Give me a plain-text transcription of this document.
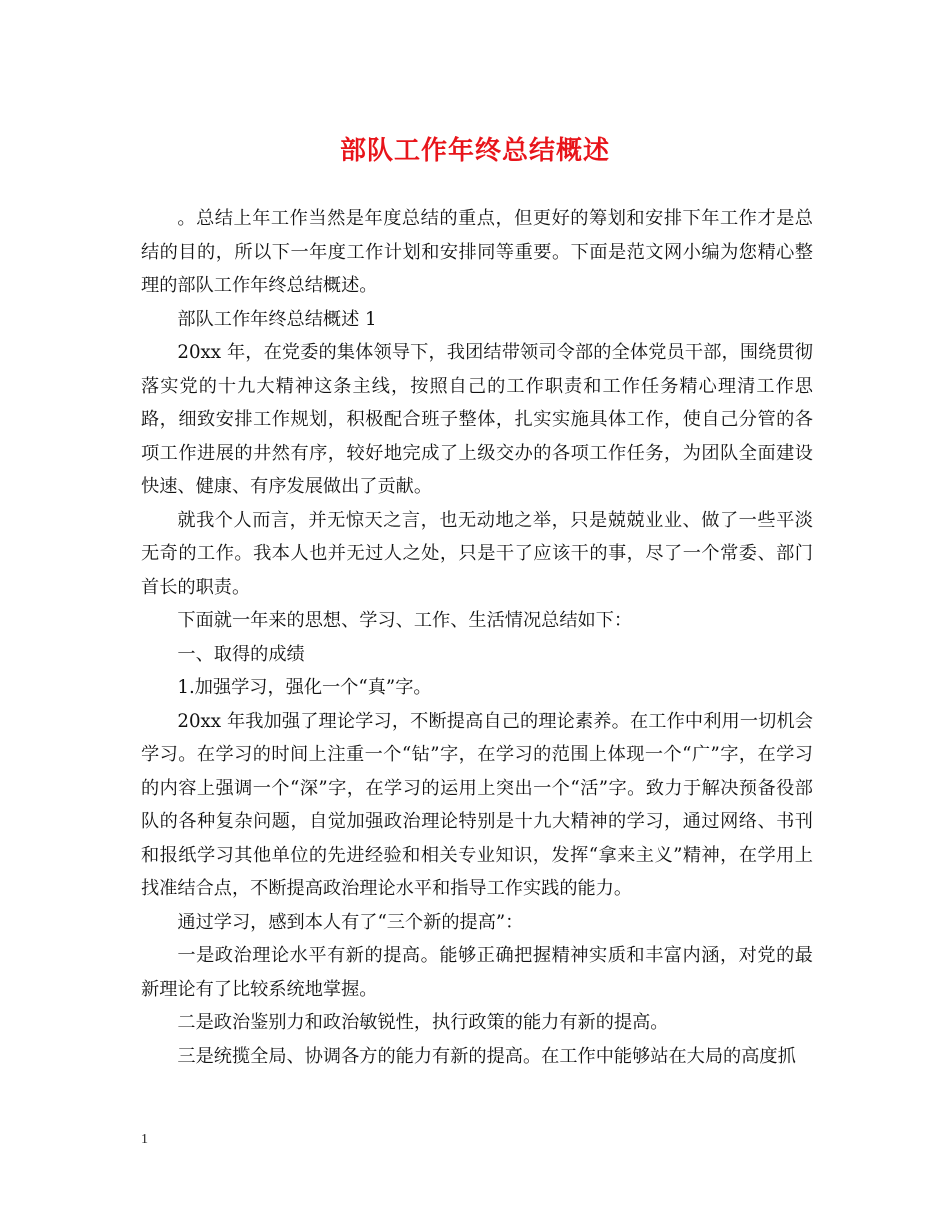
部队工作年终总结概述

。总结上年工作当然是年度总结的重点，但更好的筹划和安排下年工作才是总结的目的，所以下一年度工作计划和安排同等重要。下面是范文网小编为您精心整理的部队工作年终总结概述。

部队工作年终总结概述 1

20xx 年，在党委的集体领导下，我团结带领司令部的全体党员干部，围绕贯彻落实党的十九大精神这条主线，按照自己的工作职责和工作任务精心理清工作思路，细致安排工作规划，积极配合班子整体，扎实实施具体工作，使自己分管的各项工作进展的井然有序，较好地完成了上级交办的各项工作任务，为团队全面建设快速、健康、有序发展做出了贡献。

就我个人而言，并无惊天之言，也无动地之举，只是兢兢业业、做了一些平淡无奇的工作。我本人也并无过人之处，只是干了应该干的事，尽了一个常委、部门首长的职责。

下面就一年来的思想、学习、工作、生活情况总结如下：

一、取得的成绩

1.加强学习，强化一个“真”字。

20xx 年我加强了理论学习，不断提高自己的理论素养。在工作中利用一切机会学习。在学习的时间上注重一个“钻”字，在学习的范围上体现一个“广”字，在学习的内容上强调一个“深”字，在学习的运用上突出一个“活”字。致力于解决预备役部队的各种复杂问题，自觉加强政治理论特别是十九大精神的学习，通过网络、书刊和报纸学习其他单位的先进经验和相关专业知识，发挥“拿来主义”精神，在学用上找准结合点，不断提高政治理论水平和指导工作实践的能力。

通过学习，感到本人有了“三个新的提高”：

一是政治理论水平有新的提高。能够正确把握精神实质和丰富内涵，对党的最新理论有了比较系统地掌握。

二是政治鉴别力和政治敏锐性，执行政策的能力有新的提高。

三是统揽全局、协调各方的能力有新的提高。在工作中能够站在大局的高度抓

1
